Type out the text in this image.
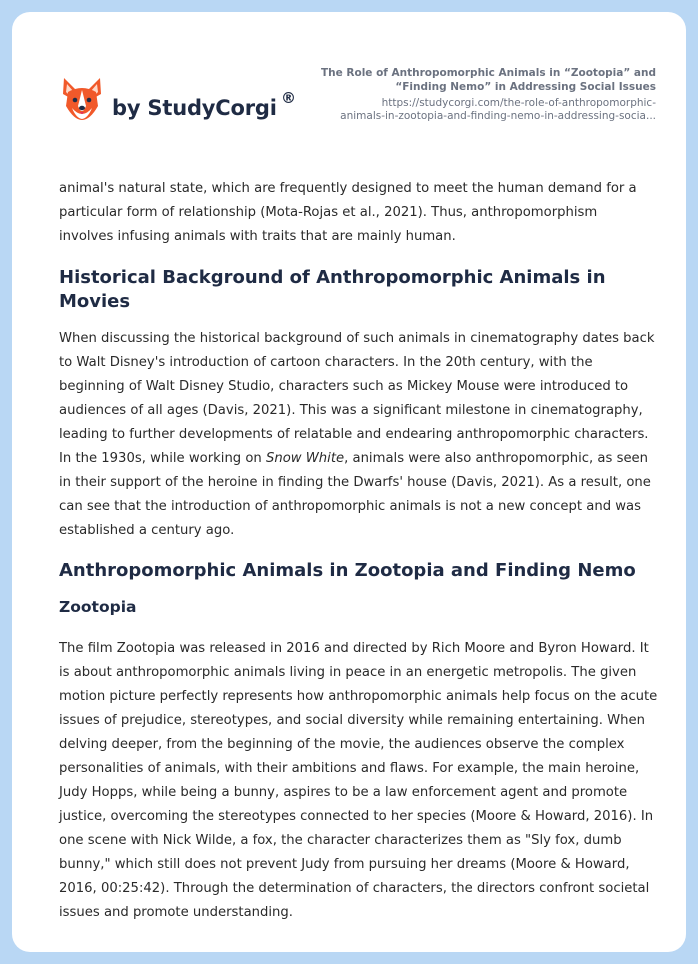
by StudyCorgi ®
The Role of Anthropomorphic Animals in “Zootopia” and “Finding Nemo” in Addressing Social Issues
https://studycorgi.com/the-role-of-anthropomorphic-
animals-in-zootopia-and-finding-nemo-in-addressing-socia...

animal's natural state, which are frequently designed to meet the human demand for a particular form of relationship (Mota-Rojas et al., 2021). Thus, anthropomorphism involves infusing animals with traits that are mainly human.

Historical Background of Anthropomorphic Animals in Movies

When discussing the historical background of such animals in cinematography dates back to Walt Disney's introduction of cartoon characters. In the 20th century, with the beginning of Walt Disney Studio, characters such as Mickey Mouse were introduced to audiences of all ages (Davis, 2021). This was a significant milestone in cinematography, leading to further developments of relatable and endearing anthropomorphic characters. In the 1930s, while working on Snow White, animals were also anthropomorphic, as seen in their support of the heroine in finding the Dwarfs' house (Davis, 2021). As a result, one can see that the introduction of anthropomorphic animals is not a new concept and was established a century ago.

Anthropomorphic Animals in Zootopia and Finding Nemo
Zootopia

The film Zootopia was released in 2016 and directed by Rich Moore and Byron Howard. It is about anthropomorphic animals living in peace in an energetic metropolis. The given motion picture perfectly represents how anthropomorphic animals help focus on the acute issues of prejudice, stereotypes, and social diversity while remaining entertaining. When delving deeper, from the beginning of the movie, the audiences observe the complex personalities of animals, with their ambitions and flaws. For example, the main heroine, Judy Hopps, while being a bunny, aspires to be a law enforcement agent and promote justice, overcoming the stereotypes connected to her species (Moore & Howard, 2016). In one scene with Nick Wilde, a fox, the character characterizes them as "Sly fox, dumb bunny," which still does not prevent Judy from pursuing her dreams (Moore & Howard, 2016, 00:25:42). Through the determination of characters, the directors confront societal issues and promote understanding.
